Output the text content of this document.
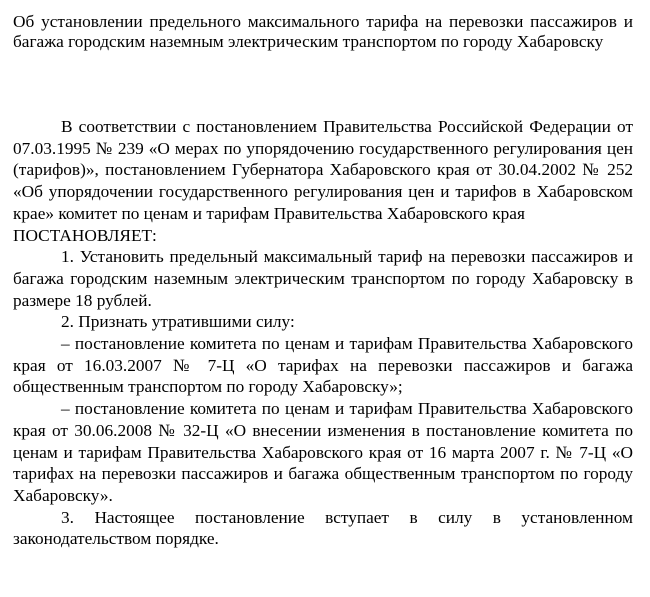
Об установлении предельного максимального тарифа на перевозки пассажиров и багажа городским наземным электрическим транспортом по городу Хабаровску

В соответствии с постановлением Правительства Российской Федерации от 07.03.1995 № 239 «О мерах по упорядочению государственного регулирования цен (тарифов)», постановлением Губернатора Хабаровского края от 30.04.2002 № 252 «Об упорядочении государственного регулирования цен и тарифов в Хабаровском крае» комитет по ценам и тарифам Правительства Хабаровского края

ПОСТАНОВЛЯЕТ:

1. Установить предельный максимальный тариф на перевозки пассажиров и багажа городским наземным электрическим транспортом по городу Хабаровску в размере 18 рублей.

2. Признать утратившими силу:

– постановление комитета по ценам и тарифам Правительства Хабаровского края от 16.03.2007 № 7-Ц «О тарифах на перевозки пассажиров и багажа общественным транспортом по городу Хабаровску»;

– постановление комитета по ценам и тарифам Правительства Хабаровского края от 30.06.2008 № 32-Ц «О внесении изменения в постановление комитета по ценам и тарифам Правительства Хабаровского края от 16 марта 2007 г. № 7-Ц «О тарифах на перевозки пассажиров и багажа общественным транспортом по городу Хабаровску».

3. Настоящее постановление вступает в силу в установленном законодательством порядке.
